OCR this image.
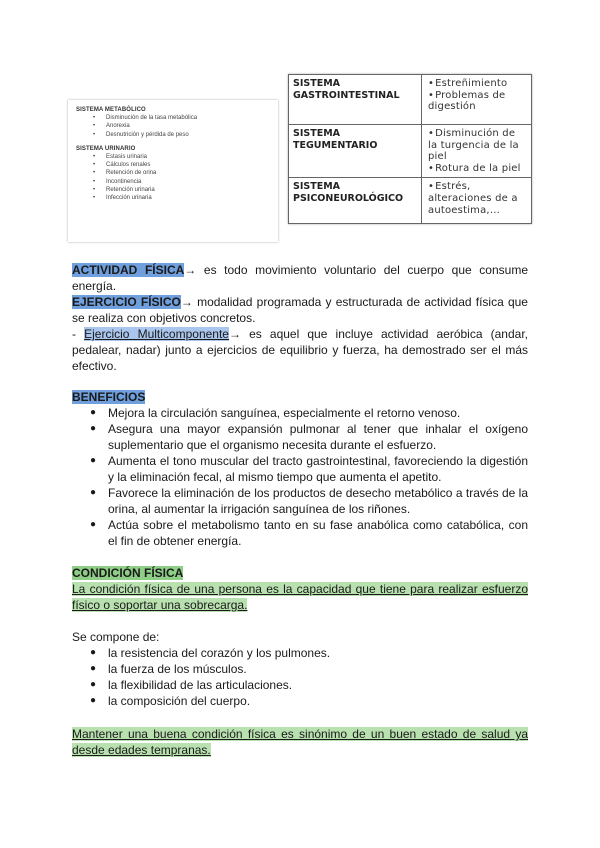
SISTEMA METABÓLICO
• Disminución de la tasa metabólica
• Anorexia
• Desnutrición y pérdida de peso
SISTEMA URINARIO
• Estasis urinaria
• Cálculos renales
• Retención de orina
• Incontinencia
• Retención urinaria
• Infección urinaria
SISTEMA GASTROINTESTINAL	• Estreñimiento
• Problemas de digestión

SISTEMA TEGUMENTARIO	• Disminución de la turgencia de la piel
• Rotura de la piel

SISTEMA PSICONEUROLÓGICO	• Estrés, alteraciones de a autoestima,...

ACTIVIDAD FÍSICA→ es todo movimiento voluntario del cuerpo que consume energía.

EJERCICIO FÍSICO→ modalidad programada y estructurada de actividad física que se realiza con objetivos concretos.

- Ejercicio Multicomponente→ es aquel que incluye actividad aeróbica (andar, pedalear, nadar) junto a ejercicios de equilibrio y fuerza, ha demostrado ser el más efectivo.

BENEFICIOS

● Mejora la circulación sanguínea, especialmente el retorno venoso.
● Asegura una mayor expansión pulmonar al tener que inhalar el oxígeno suplementario que el organismo necesita durante el esfuerzo.
● Aumenta el tono muscular del tracto gastrointestinal, favoreciendo la digestión y la eliminación fecal, al mismo tiempo que aumenta el apetito.
● Favorece la eliminación de los productos de desecho metabólico a través de la orina, al aumentar la irrigación sanguínea de los riñones.
● Actúa sobre el metabolismo tanto en su fase anabólica como catabólica, con el fin de obtener energía.

CONDICIÓN FÍSICA

La condición física de una persona es la capacidad que tiene para realizar esfuerzo físico o soportar una sobrecarga.

Se compone de:

● la resistencia del corazón y los pulmones.
● la fuerza de los músculos.
● la flexibilidad de las articulaciones.
● la composición del cuerpo.

Mantener una buena condición física es sinónimo de un buen estado de salud ya desde edades tempranas.
